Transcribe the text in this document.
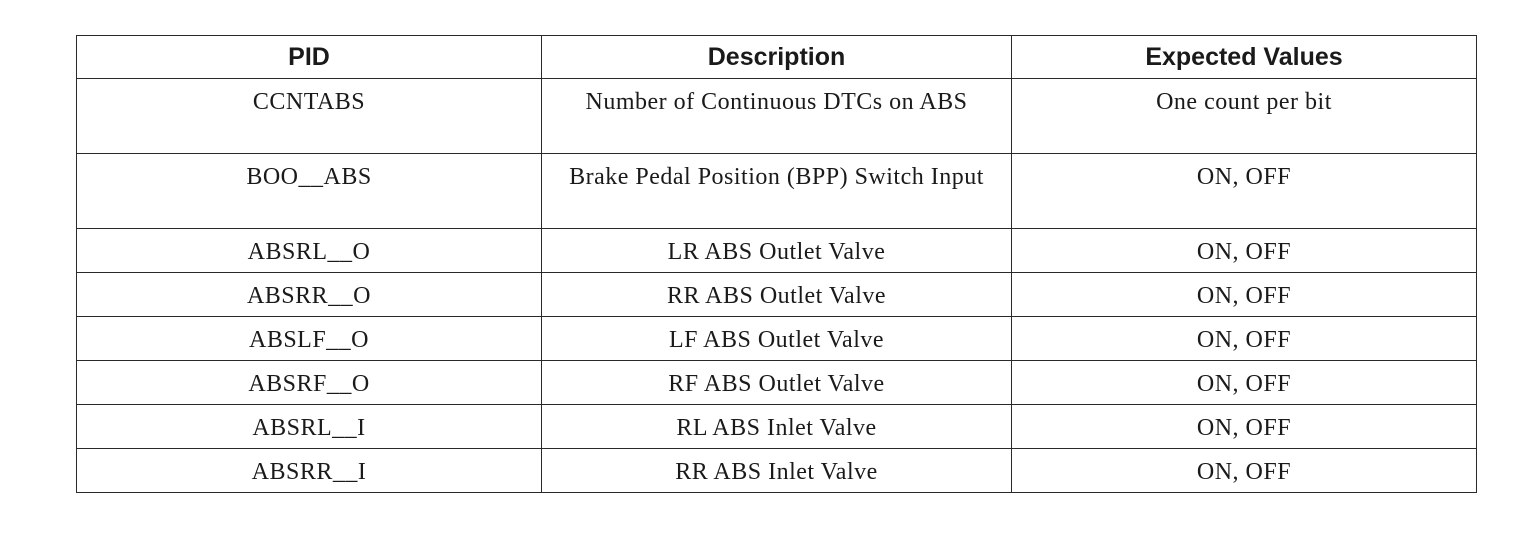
PID	Description	Expected Values
CCNTABS	Number of Continuous DTCs on ABS	One count per bit
BOO__ABS	Brake Pedal Position (BPP) Switch Input	ON, OFF
ABSRL__O	LR ABS Outlet Valve	ON, OFF
ABSRR__O	RR ABS Outlet Valve	ON, OFF
ABSLF__O	LF ABS Outlet Valve	ON, OFF
ABSRF__O	RF ABS Outlet Valve	ON, OFF
ABSRL__I	RL ABS Inlet Valve	ON, OFF
ABSRR__I	RR ABS Inlet Valve	ON, OFF
